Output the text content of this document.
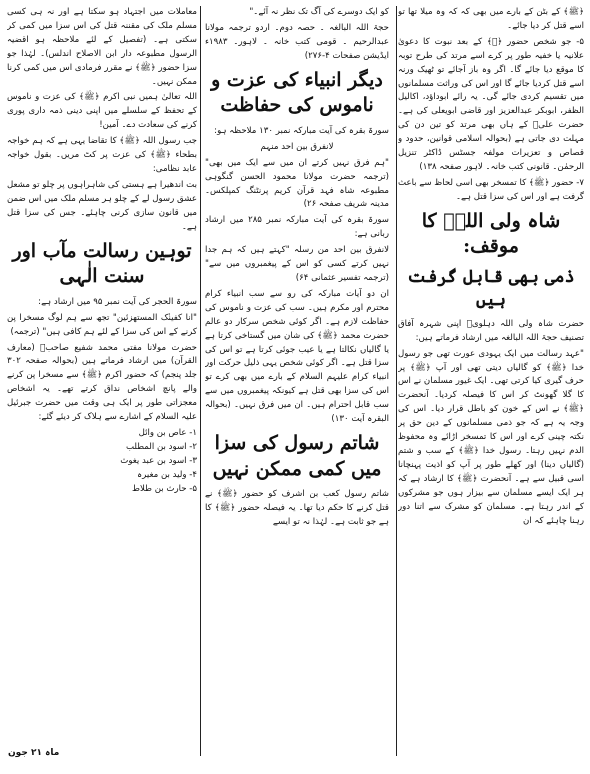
﴿ﷺ﴾ کے بٹن کے بارے میں بھی کہ کہ وہ میلا تھا تو اسے قتل کر دیا جائے۔

۵- جو شخص حضور ﴿ﷺ﴾ کے بعد نبوت کا دعویٰ علانیہ یا خفیہ طور پر کرے اسے مرتد کی طرح توبہ کا موقع دیا جائے گا۔ اگر وہ باز آجائے تو ٹھیک ورنہ اسے قتل کردیا جائے گا اور اس کی وراثت مسلمانوں میں تقسیم کردی جائے گی۔ یہ رائے ابوداؤد، اکالیل الظفر، ابوبکر عبدالعزیز اور قاضی ابویعلی کی ہے۔ حضرت علیؓ کے ہاں بھی مرتد کو تین دن کی مہلت دی جاتی ہے (بحوالہ اسلامی قوانین، حدود و قصاص و تعزیرات مولفہ جسٹس ڈاکٹر تنزیل الرحمٰن۔ قانونی کتب خانہ۔ لاہور صفحہ ۱۳۸)

۷- حضور ﴿ﷺ﴾ کا تمسخر بھی اسی لحاظ سے باعث گرفت ہے اور اس کی سزا قتل ہے۔

شاہ ولی اللہؒ کا موقف:
ذمی بھی قابل گرفت ہیں

حضرت شاہ ولی اللہ دہلویؒ اپنی شہرہ آفاق تصنیف حجۃ اللہ البالغہ میں ارشاد فرماتے ہیں:

"عہد رسالت میں ایک یہودی عورت تھی جو رسول خدا ﴿ﷺ﴾ کو گالیاں دیتی تھی اور آپ ﴿ﷺ﴾ پر حرف گیری کیا کرتی تھی۔ ایک غیور مسلمان نے اس کا گلا گھونٹ کر اس کا فیصلہ کردیا۔ آنحضرت ﴿ﷺ﴾ نے اس کے خون کو باطل قرار دیا۔ اس کی وجہ یہ ہے کہ جو ذمی مسلمانوں کے دین حق پر نکتہ چینی کرے اور اس کا تمسخر اڑائے وہ محفوظ الدم نہیں رہتا۔ رسول خدا ﴿ﷺ﴾ کے سب و شتم (گالیاں دینا) اور کھلے طور پر آپ کو اذیت پہنچانا اسی قبیل سے ہے۔ آنحضرت ﴿ﷺ﴾ کا ارشاد ہے کہ ہر ایک ایسے مسلمان سے بیزار ہوں جو مشرکوں کے اندر رہتا ہے۔ مسلمان کو مشرک سے اتنا دور رہنا چاہئے کہ ان

کو ایک دوسرے کی آگ تک نظر نہ آئے۔"

حجۃ اللہ البالغہ ۔ حصہ دوم۔ اردو ترجمہ مولانا عبدالرحیم ۔ قومی کتب خانہ ۔ لاہور۔ ۱۹۸۳ء ایڈیشن صفحات ۴-۲۷۶)

دیگر انبیاء کی عزت و ناموس کی حفاظت

سورۃ بقرہ کی آیت مبارکہ نمبر ۱۳۰ ملاحظہ ہو:

لانفرق بین احد منہم

"ہم فرق نہیں کرتے ان میں سے ایک میں بھی" (ترجمہ حضرت مولانا محمود الحسن گنگوہی مطبوعہ شاہ فہد قرآن کریم پرنٹنگ کمپلکس۔ مدینہ شریف صفحہ ۲۶)

سورۃ بقرہ کی آیت مبارکہ نمبر ۲۸۵ میں ارشاد ربانی ہے:

لانفرق بین احد من رسلہ "کہتے ہیں کہ ہم جدا نہیں کرتے کسی کو اس کے پیغمبروں میں سے" (ترجمہ تفسیر عثمانی ۶۴)

ان دو آیات مبارکہ کی رو سے سب انبیاء کرام محترم اور مکرم ہیں۔ سب کی عزت و ناموس کی حفاظت لازم ہے۔ اگر کوئی شخص سرکار دو عالم حضرت محمد ﴿ﷺ﴾ کی شان میں گستاخی کرتا ہے یا گالیاں نکالتا ہے یا عیب جوئی کرتا ہے تو اس کی سزا قتل ہے۔ اگر کوئی شخص یہی ذلیل حرکت اور انبیاء کرام علیہم السلام کے بارے میں بھی کرے تو اس کی سزا بھی قتل ہے کیونکہ پیغمبروں میں سے سب قابل احترام ہیں۔ ان میں فرق نہیں۔ (بحوالہ البقرہ آیت ۱۳۰)

شاتم رسول کی سزا میں کمی ممکن نہیں

شاتم رسول کعب بن اشرف کو حضور ﴿ﷺ﴾ نے قتل کرنے کا حکم دیا تھا۔ یہ فیصلہ حضور ﴿ﷺ﴾ کا ہے جو ثابت ہے۔ لہٰذا نہ تو ایسے

معاملات میں اجتہاد ہو سکتا ہے اور نہ ہی کسی مسلم ملک کی مقننہ قتل کی اس سزا میں کمی کر سکتی ہے۔ (تفصیل کے لئے ملاحظہ ہو اقضیہ الرسول مطبوعہ دار ابن الاصلاح اندلس)۔ لہٰذا جو سزا حضور ﴿ﷺ﴾ نے مقرر فرمادی اس میں کمی کرنا ممکن نہیں۔

اللہ تعالیٰ ہمیں نبی اکرم ﴿ﷺ﴾ کی عزت و ناموس کے تحفظ کے سلسلے میں اپنی دینی ذمہ داری پوری کرنے کی سعادت دے۔ آمین!

جب رسول اللہ ﴿ﷺ﴾ کا تقاضا یہی ہے کہ ہم خواجہ بطحاء ﴿ﷺ﴾ کی عزت پر کٹ مریں۔ بقول خواجہ عابد نظامی:

بت اندھیرا ہے ہستی کی شاہراہوں پر چلو تو مشعل عشق رسول لے کے چلو ہر مسلم ملک میں اس ضمن میں قانون سازی کرنی چاہئے۔ جس کی سزا قتل ہے۔

توہین رسالت مآب اور سنت الٰہی

سورۃ الحجر کی آیت نمبر ۹۵ میں ارشاد ہے:

"انا کفینٰک المستھزئین" تجھ سے ہم لوگ مسخرا پن کرنے کے اس کی سزا کے لئے ہم کافی ہیں" (ترجمہ)

حضرت مولانا مفتی محمد شفیع صاحبؒ (معارف القرآن) میں ارشاد فرماتے ہیں (بحوالہ صفحہ ۳۰۲ جلد پنجم) کہ حضور اکرم ﴿ﷺ﴾ سے مسخرا پن کرنے والے پانچ اشخاص نداق کرتے تھے۔ یہ اشخاص معجزاتی طور پر ایک ہی وقت میں حضرت جبرئیل علیہ السلام کے اشارے سے ہلاک کر دیئے گئے:

۱- عاص بن وائل
۲- اسود بن المطلب
۳- اسود بن عبد یغوث
۴- ولید بن مغیرہ
۵- حارث بن طلاط
ماہ ۲۱ جون
